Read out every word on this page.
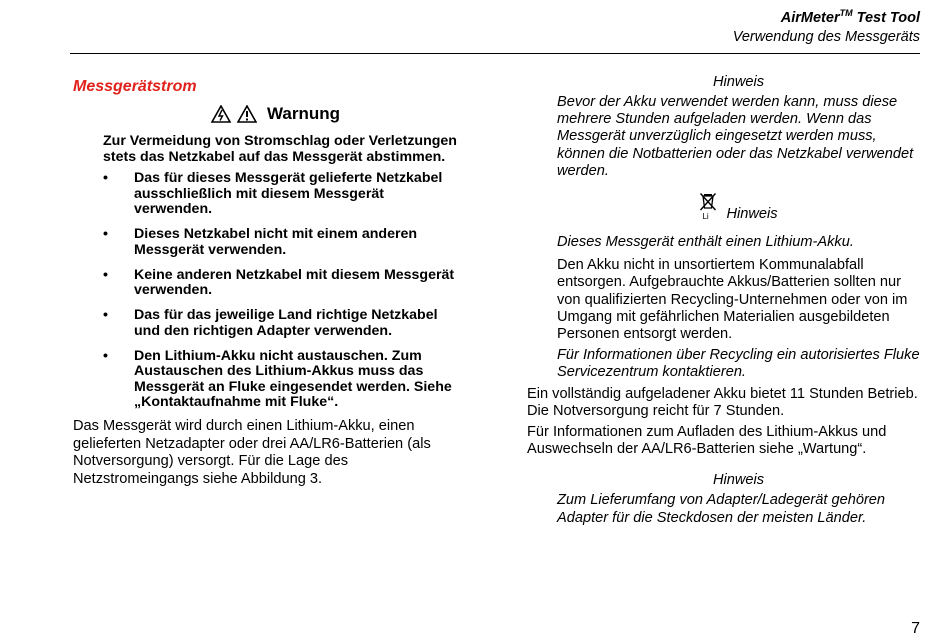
AirMeter™ Test Tool
Verwendung des Messgeräts
Messgerätstrom
Warnung

Zur Vermeidung von Stromschlag oder Verletzungen stets das Netzkabel auf das Messgerät abstimmen.

• Das für dieses Messgerät gelieferte Netzkabel ausschließlich mit diesem Messgerät verwenden.
• Dieses Netzkabel nicht mit einem anderen Messgerät verwenden.
• Keine anderen Netzkabel mit diesem Messgerät verwenden.
• Das für das jeweilige Land richtige Netzkabel und den richtigen Adapter verwenden.
• Den Lithium-Akku nicht austauschen. Zum Austauschen des Lithium-Akkus muss das Messgerät an Fluke eingesendet werden. Siehe „Kontaktaufnahme mit Fluke“.

Das Messgerät wird durch einen Lithium-Akku, einen gelieferten Netzadapter oder drei AA/LR6-Batterien (als Notversorgung) versorgt. Für die Lage des Netzstromeingangs siehe Abbildung 3.

Hinweis

Bevor der Akku verwendet werden kann, muss diese mehrere Stunden aufgeladen werden. Wenn das Messgerät unverzüglich eingesetzt werden muss, können die Notbatterien oder das Netzkabel verwendet werden.

Li Hinweis

Dieses Messgerät enthält einen Lithium-Akku.

Den Akku nicht in unsortiertem Kommunalabfall entsorgen. Aufgebrauchte Akkus/Batterien sollten nur von qualifizierten Recycling-Unternehmen oder von im Umgang mit gefährlichen Materialien ausgebildeten Personen entsorgt werden.

Für Informationen über Recycling ein autorisiertes Fluke Servicezentrum kontaktieren.

Ein vollständig aufgeladener Akku bietet 11 Stunden Betrieb. Die Notversorgung reicht für 7 Stunden.

Für Informationen zum Aufladen des Lithium-Akkus und Auswechseln der AA/LR6-Batterien siehe „Wartung“.

Hinweis

Zum Lieferumfang von Adapter/Ladegerät gehören Adapter für die Steckdosen der meisten Länder.

7
